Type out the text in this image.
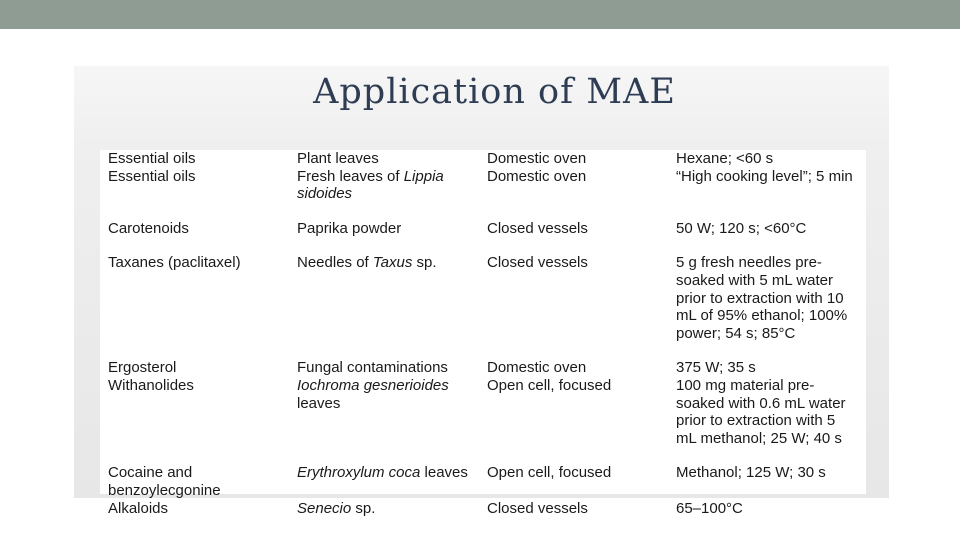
Application of MAE
Essential oils	Plant leaves	Domestic oven	Hexane; <60 s
Essential oils	Fresh leaves of Lippia sidoides	Domestic oven	“High cooking level”; 5 min
Carotenoids	Paprika powder	Closed vessels	50 W; 120 s; <60°C
Taxanes (paclitaxel)	Needles of Taxus sp.	Closed vessels	5 g fresh needles pre-soaked with 5 mL water prior to extraction with 10 mL of 95% ethanol; 100% power; 54 s; 85°C
Ergosterol	Fungal contaminations	Domestic oven	375 W; 35 s
Withanolides	Iochroma gesnerioides leaves	Open cell, focused	100 mg material pre-soaked with 0.6 mL water prior to extraction with 5 mL methanol; 25 W; 40 s
Cocaine and benzoylecgonine	Erythroxylum coca leaves	Open cell, focused	Methanol; 125 W; 30 s
Alkaloids	Senecio sp.	Closed vessels	65–100°C
